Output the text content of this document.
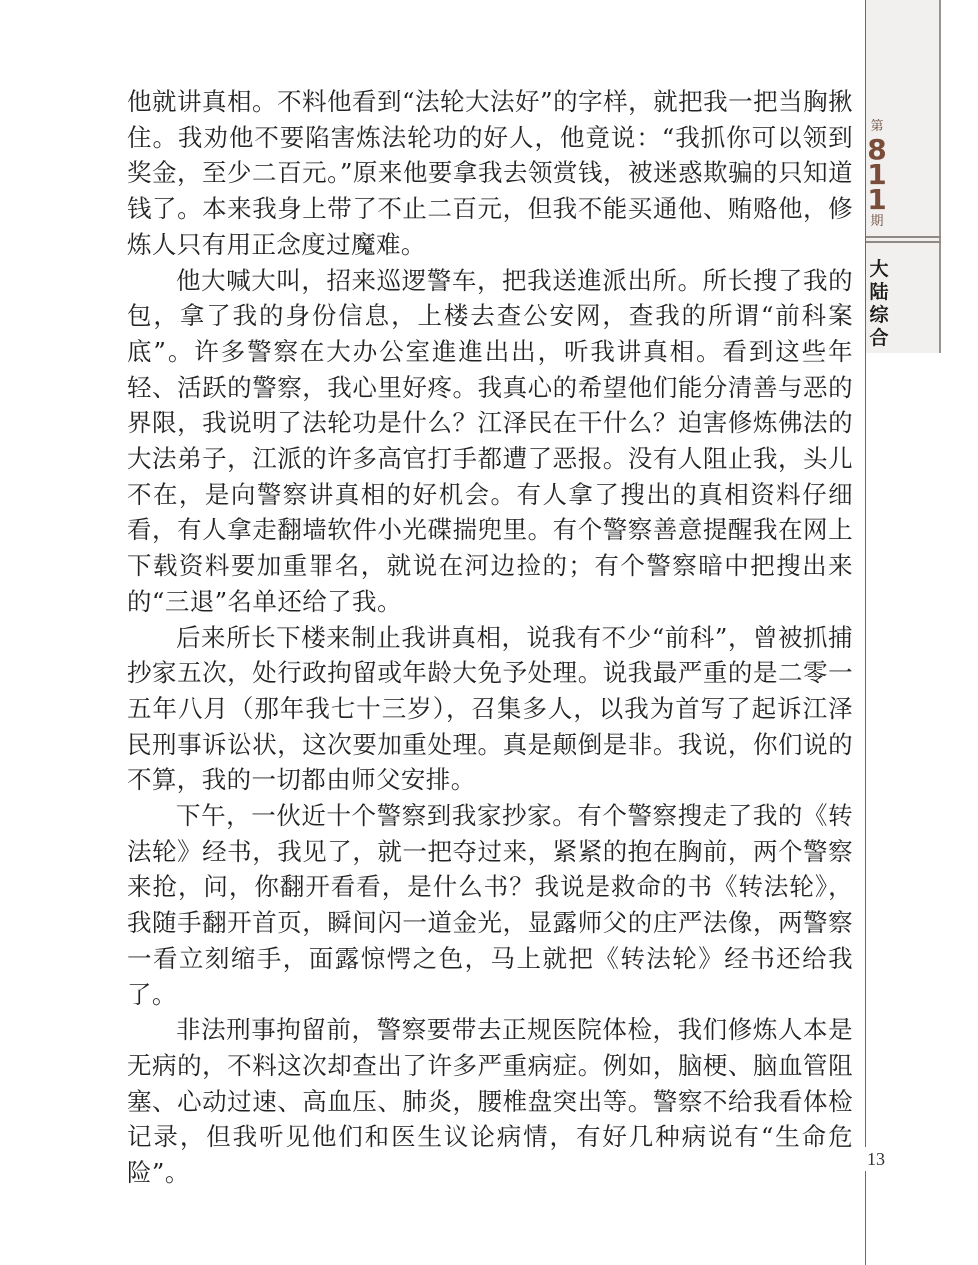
他就讲真相。不料他看到“法轮大法好”的字样，就把我一把当胸揪住。我劝他不要陷害炼法轮功的好人，他竟说：“我抓你可以领到奖金，至少二百元。”原来他要拿我去领赏钱，被迷惑欺骗的只知道钱了。本来我身上带了不止二百元，但我不能买通他、贿赂他，修炼人只有用正念度过魔难。

他大喊大叫，招来巡逻警车，把我送進派出所。所长搜了我的包，拿了我的身份信息，上楼去查公安网，查我的所谓“前科案底”。许多警察在大办公室進進出出，听我讲真相。看到这些年轻、活跃的警察，我心里好疼。我真心的希望他们能分清善与恶的界限，我说明了法轮功是什么？江泽民在干什么？迫害修炼佛法的大法弟子，江派的许多高官打手都遭了恶报。没有人阻止我，头儿不在，是向警察讲真相的好机会。有人拿了搜出的真相资料仔细看，有人拿走翻墙软件小光碟揣兜里。有个警察善意提醒我在网上下载资料要加重罪名，就说在河边捡的；有个警察暗中把搜出来的“三退”名单还给了我。

后来所长下楼来制止我讲真相，说我有不少“前科”，曾被抓捕抄家五次，处行政拘留或年龄大免予处理。说我最严重的是二零一五年八月（那年我七十三岁），召集多人，以我为首写了起诉江泽民刑事诉讼状，这次要加重处理。真是颠倒是非。我说，你们说的不算，我的一切都由师父安排。

下午，一伙近十个警察到我家抄家。有个警察搜走了我的《转法轮》经书，我见了，就一把夺过来，紧紧的抱在胸前，两个警察来抢，问，你翻开看看，是什么书？我说是救命的书《转法轮》，我随手翻开首页，瞬间闪一道金光，显露师父的庄严法像，两警察一看立刻缩手，面露惊愕之色，马上就把《转法轮》经书还给我了。

非法刑事拘留前，警察要带去正规医院体检，我们修炼人本是无病的，不料这次却查出了许多严重病症。例如，脑梗、脑血管阻塞、心动过速、高血压、肺炎，腰椎盘突出等。警察不给我看体检记录，但我听见他们和医生议论病情，有好几种病说有“生命危险”。

第
8
1
1
期
大
陆
综
合
13
